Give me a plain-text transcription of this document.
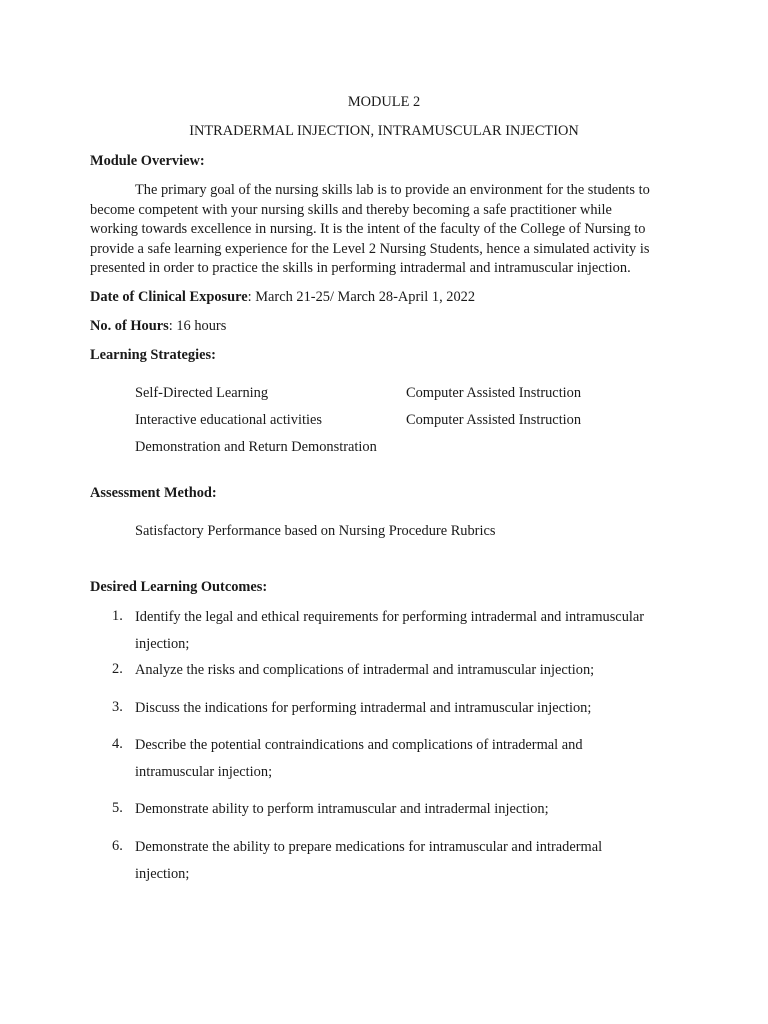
MODULE 2
INTRADERMAL INJECTION, INTRAMUSCULAR INJECTION
Module Overview:
The primary goal of the nursing skills lab is to provide an environment for the students to
become competent with your nursing skills and thereby becoming a safe practitioner while
working towards excellence in nursing. It is the intent of the faculty of the College of Nursing to
provide a safe learning experience for the Level 2 Nursing Students, hence a simulated activity is
presented in order to practice the skills in performing intradermal and intramuscular injection.
Date of Clinical Exposure: March 21-25/ March 28-April 1, 2022
No. of Hours: 16 hours
Learning Strategies:
Self-Directed Learning	Computer Assisted Instruction
Interactive educational activities	Computer Assisted Instruction
Demonstration and Return Demonstration
Assessment Method:
Satisfactory Performance based on Nursing Procedure Rubrics
Desired Learning Outcomes:
1. Identify the legal and ethical requirements for performing intradermal and intramuscular
injection;
2. Analyze the risks and complications of intradermal and intramuscular injection;
3. Discuss the indications for performing intradermal and intramuscular injection;
4. Describe the potential contraindications and complications of intradermal and
intramuscular injection;
5. Demonstrate ability to perform intramuscular and intradermal injection;
6. Demonstrate the ability to prepare medications for intramuscular and intradermal
injection;
